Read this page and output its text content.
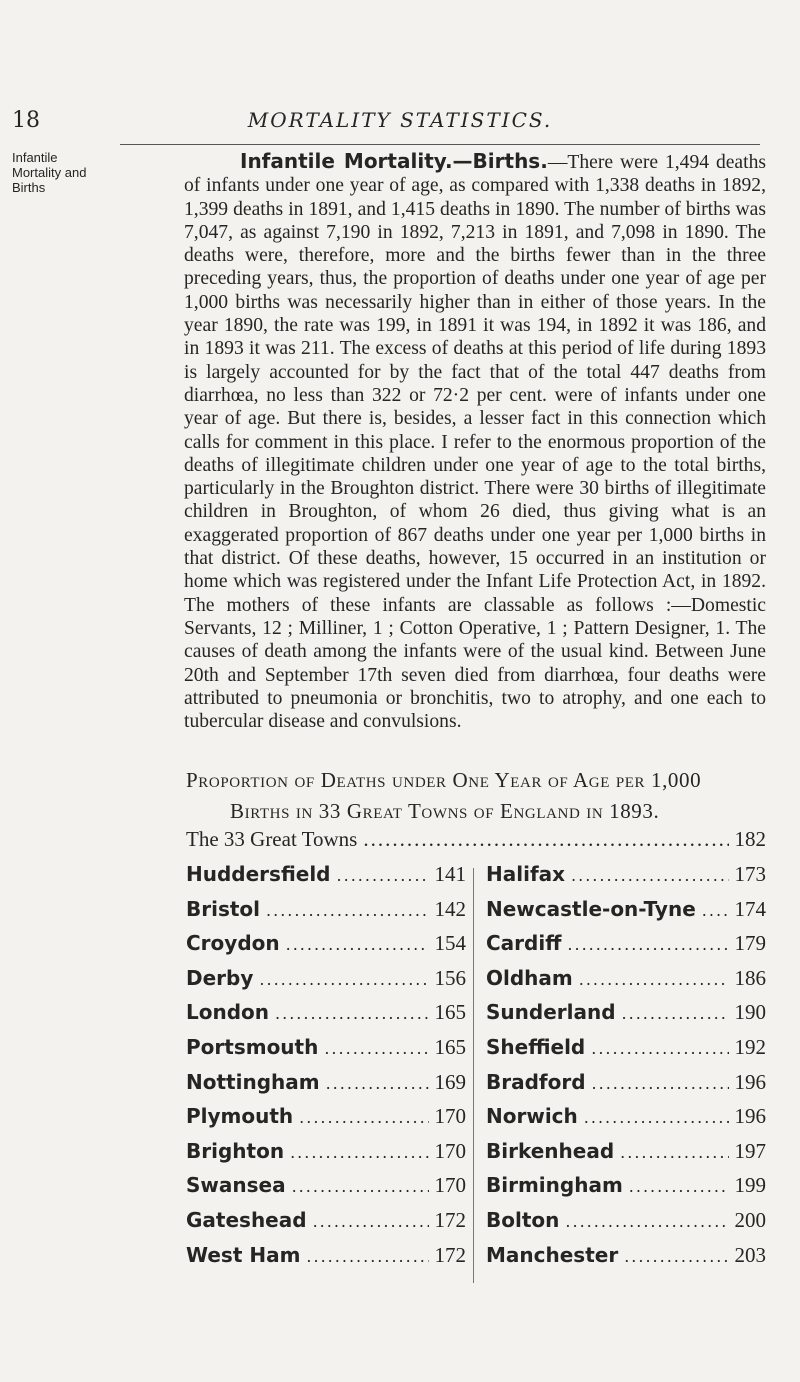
18	MORTALITY STATISTICS.
Infantile Mortality and Births

Infantile Mortality.—Births.—There were 1,494 deaths of infants under one year of age, as compared with 1,338 deaths in 1892, 1,399 deaths in 1891, and 1,415 deaths in 1890. The number of births was 7,047, as against 7,190 in 1892, 7,213 in 1891, and 7,098 in 1890. The deaths were, therefore, more and the births fewer than in the three preceding years, thus, the proportion of deaths under one year of age per 1,000 births was necessarily higher than in either of those years. In the year 1890, the rate was 199, in 1891 it was 194, in 1892 it was 186, and in 1893 it was 211. The excess of deaths at this period of life during 1893 is largely accounted for by the fact that of the total 447 deaths from diarrhœa, no less than 322 or 72·2 per cent. were of infants under one year of age. But there is, besides, a lesser fact in this connection which calls for comment in this place. I refer to the enormous proportion of the deaths of illegitimate children under one year of age to the total births, particularly in the Broughton district. There were 30 births of illegitimate children in Broughton, of whom 26 died, thus giving what is an exaggerated proportion of 867 deaths under one year per 1,000 births in that district. Of these deaths, however, 15 occurred in an institution or home which was registered under the Infant Life Protection Act, in 1892. The mothers of these infants are classable as follows :—Domestic Servants, 12 ; Milliner, 1 ; Cotton Operative, 1 ; Pattern Designer, 1. The causes of death among the infants were of the usual kind. Between June 20th and September 17th seven died from diarrhœa, four deaths were attributed to pneumonia or bronchitis, two to atrophy, and one each to tubercular disease and convulsions.

Proportion of Deaths under One Year of Age per 1,000
Births in 33 Great Towns of England in 1893.
The 33 Great Towns .....	182
Huddersfield .....	141
Bristol .....	142
Croydon .....	154
Derby .....	156
London .....	165
Portsmouth .....	165
Nottingham .....	169
Plymouth .....	170
Brighton .....	170
Swansea .....	170
Gateshead .....	172
West Ham .....	172
Halifax .....	173
Newcastle-on-Tyne ..... 174
Cardiff .....	179
Oldham .....	186
Sunderland .....	190
Sheffield .....	192
Bradford .....	196
Norwich .....	196
Birkenhead .....	197
Birmingham .....	199
Bolton .....	200
Manchester .....	203
